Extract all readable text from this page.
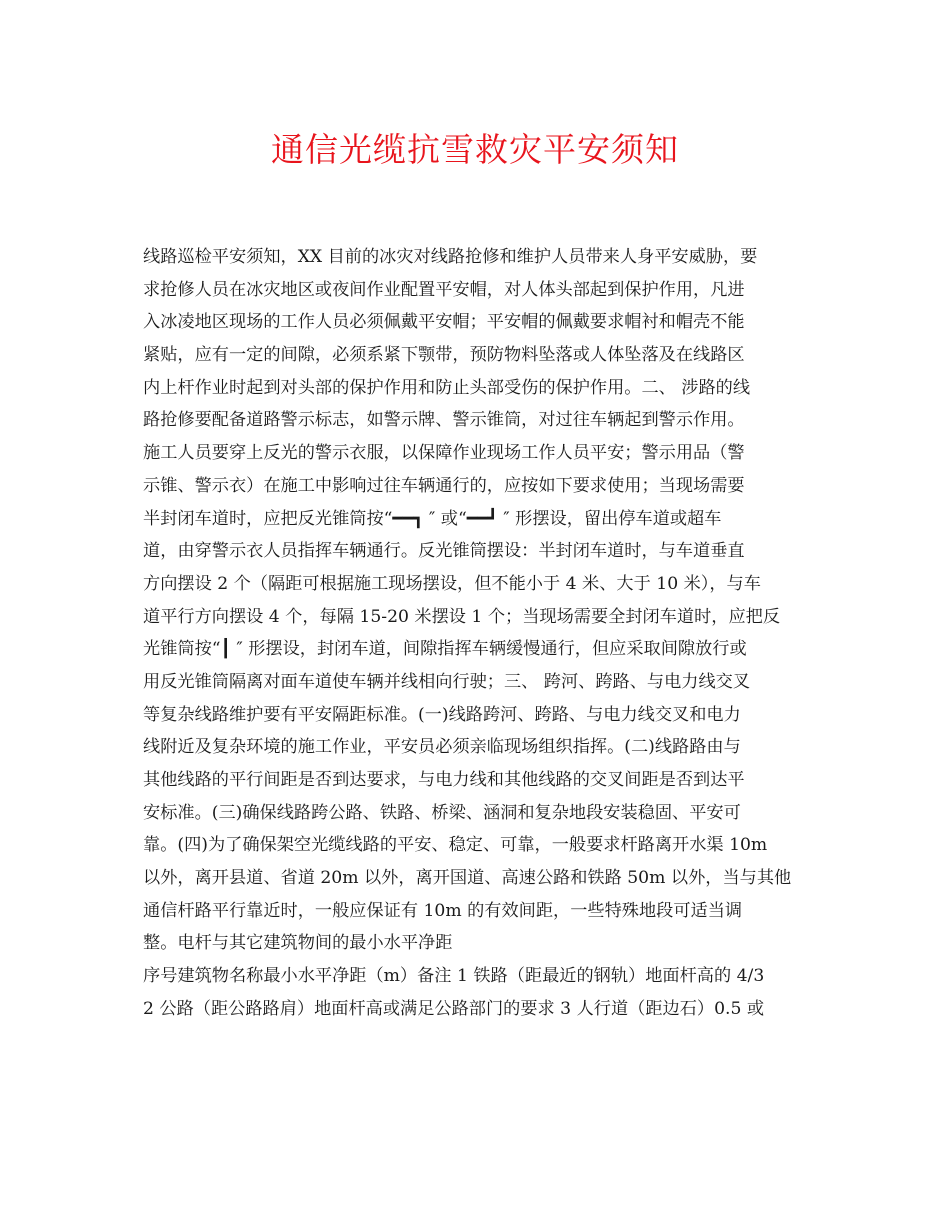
通信光缆抗雪救灾平安须知
线路巡检平安须知，XX 目前的冰灾对线路抢修和维护人员带来人身平安威胁，要
求抢修人员在冰灾地区或夜间作业配置平安帽，对人体头部起到保护作用，凡进
入冰凌地区现场的工作人员必须佩戴平安帽；平安帽的佩戴要求帽衬和帽壳不能
紧贴，应有一定的间隙，必须系紧下颚带，预防物料坠落或人体坠落及在线路区
内上杆作业时起到对头部的保护作用和防止头部受伤的保护作用。二、 涉路的线
路抢修要配备道路警示标志，如警示牌、警示锥筒，对过往车辆起到警示作用。
施工人员要穿上反光的警示衣服，以保障作业现场工作人员平安；警示用品（警
示锥、警示衣）在施工中影响过往车辆通行的，应按如下要求使用；当现场需要
半封闭车道时，应把反光锥筒按“━━┓ ″ 或“━━┛ ″ 形摆设，留出停车道或超车
道，由穿警示衣人员指挥车辆通行。反光锥筒摆设：半封闭车道时，与车道垂直
方向摆设 2 个（隔距可根据施工现场摆设，但不能小于 4 米、大于 10 米），与车
道平行方向摆设 4 个，每隔 15-20 米摆设 1 个；当现场需要全封闭车道时，应把反
光锥筒按“┃ ″ 形摆设，封闭车道，间隙指挥车辆缓慢通行，但应采取间隙放行或
用反光锥筒隔离对面车道使车辆并线相向行驶；三、 跨河、跨路、与电力线交叉
等复杂线路维护要有平安隔距标准。(一)线路跨河、跨路、与电力线交叉和电力
线附近及复杂环境的施工作业，平安员必须亲临现场组织指挥。(二)线路路由与
其他线路的平行间距是否到达要求，与电力线和其他线路的交叉间距是否到达平
安标准。(三)确保线路跨公路、铁路、桥梁、涵洞和复杂地段安装稳固、平安可
靠。(四)为了确保架空光缆线路的平安、稳定、可靠，一般要求杆路离开水渠 10m
以外，离开县道、省道 20m 以外，离开国道、高速公路和铁路 50m 以外，当与其他
通信杆路平行靠近时，一般应保证有 10m 的有效间距，一些特殊地段可适当调
整。电杆与其它建筑物间的最小水平净距
序号建筑物名称最小水平净距（m）备注 1 铁路（距最近的钢轨）地面杆高的 4/3
2 公路（距公路路肩）地面杆高或满足公路部门的要求 3 人行道（距边石）0.5 或
